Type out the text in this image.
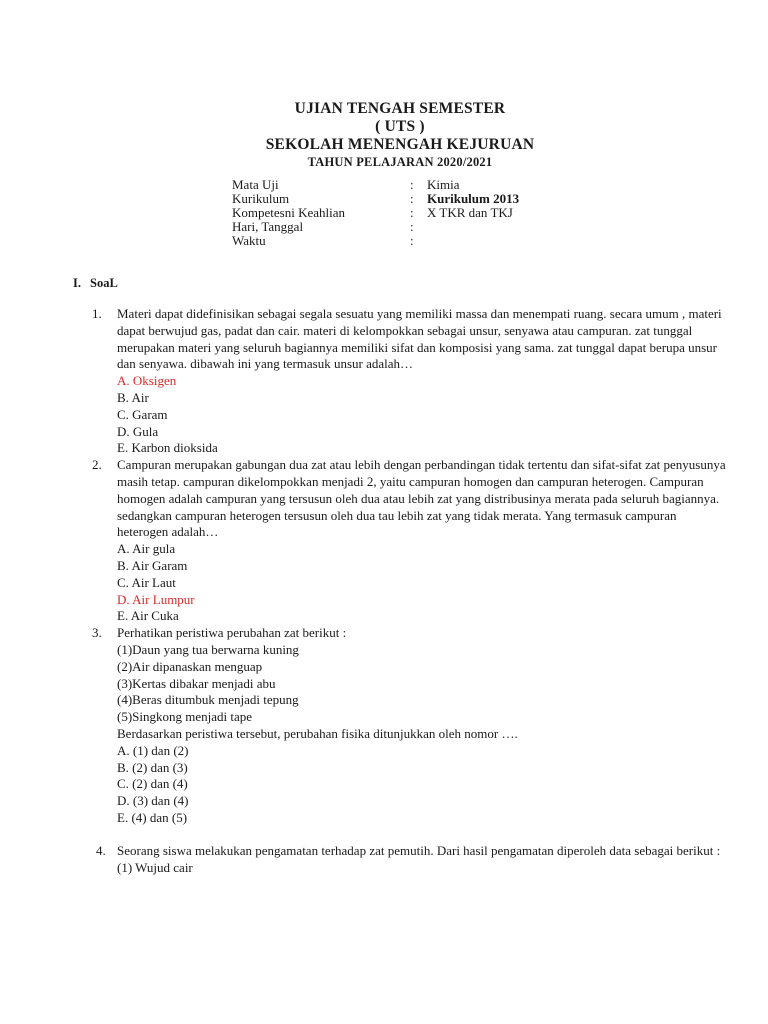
UJIAN TENGAH SEMESTER
( UTS )
SEKOLAH MENENGAH KEJURUAN
TAHUN PELAJARAN 2020/2021
Mata Uji	: Kimia
Kurikulum	: Kurikulum 2013
Kompetesni Keahlian	: X TKR dan TKJ
Hari, Tanggal	:
Waktu	:
I. SoaL
1. Materi dapat didefinisikan sebagai segala sesuatu yang memiliki massa dan menempati ruang. secara umum , materi dapat berwujud gas, padat dan cair. materi di kelompokkan sebagai unsur, senyawa atau campuran. zat tunggal merupakan materi yang seluruh bagiannya memiliki sifat dan komposisi yang sama. zat tunggal dapat berupa unsur dan senyawa. dibawah ini yang termasuk unsur adalah…
A. Oksigen
B. Air
C. Garam
D. Gula
E. Karbon dioksida
2. Campuran merupakan gabungan dua zat atau lebih dengan perbandingan tidak tertentu dan sifat-sifat zat penyusunya masih tetap. campuran dikelompokkan menjadi 2, yaitu campuran homogen dan campuran heterogen. Campuran homogen adalah campuran yang tersusun oleh dua atau lebih zat yang distribusinya merata pada seluruh bagiannya. sedangkan campuran heterogen tersusun oleh dua tau lebih zat yang tidak merata. Yang termasuk campuran heterogen adalah…
A. Air gula
B. Air Garam
C. Air Laut
D. Air Lumpur
E. Air Cuka
3. Perhatikan peristiwa perubahan zat berikut :
(1)Daun yang tua berwarna kuning
(2)Air dipanaskan menguap
(3)Kertas dibakar menjadi abu
(4)Beras ditumbuk menjadi tepung
(5)Singkong menjadi tape
Berdasarkan peristiwa tersebut, perubahan fisika ditunjukkan oleh nomor ….
A. (1) dan (2)
B. (2) dan (3)
C. (2) dan (4)
D. (3) dan (4)
E. (4) dan (5)
4. Seorang siswa melakukan pengamatan terhadap zat pemutih. Dari hasil pengamatan diperoleh data sebagai berikut :
(1) Wujud cair
